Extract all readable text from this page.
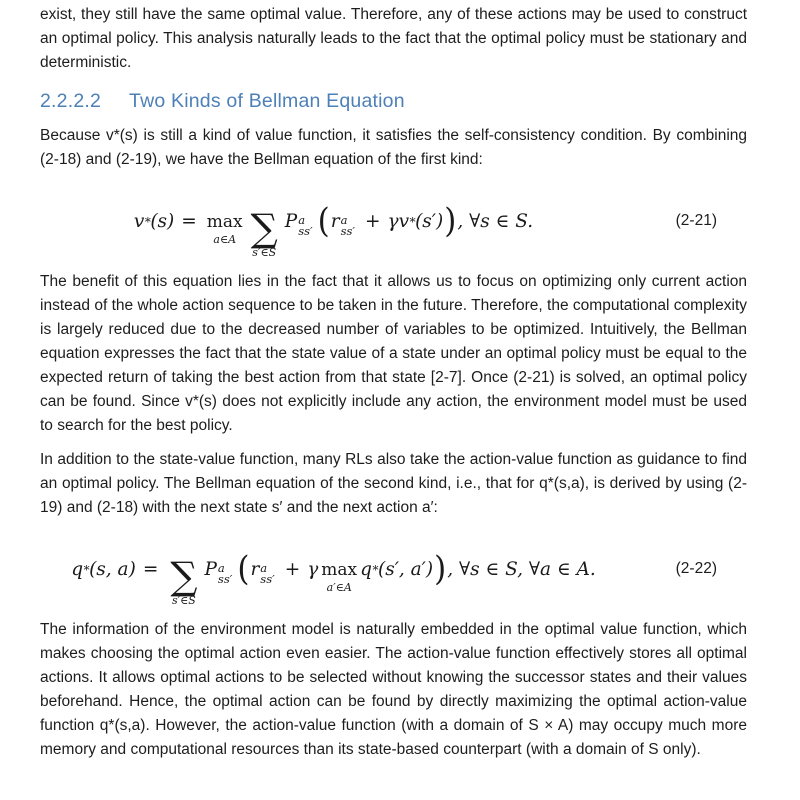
exist, they still have the same optimal value. Therefore, any of these actions may be used to construct an optimal policy. This analysis naturally leads to the fact that the optimal policy must be stationary and deterministic.

2.2.2.2 Two Kinds of Bellman Equation

Because v*(s) is still a kind of value function, it satisfies the self-consistency condition. By combining (2-18) and (2-19), we have the Bellman equation of the first kind:

v* (s) = max
a∈A ∑
s′∈S
P a
ss′ ( r a
ss′ + γv* (s′) ) , ∀s ∈ S.	(2-21)

The benefit of this equation lies in the fact that it allows us to focus on optimizing only current action instead of the whole action sequence to be taken in the future. Therefore, the computational complexity is largely reduced due to the decreased number of variables to be optimized. Intuitively, the Bellman equation expresses the fact that the state value of a state under an optimal policy must be equal to the expected return of taking the best action from that state [2-7]. Once (2-21) is solved, an optimal policy can be found. Since v*(s) does not explicitly include any action, the environment model must be used to search for the best policy.

In addition to the state-value function, many RLs also take the action-value function as guidance to find an optimal policy. The Bellman equation of the second kind, i.e., that for q*(s,a), is derived by using (2-19) and (2-18) with the next state s′ and the next action a′:

q* (s, a) = ∑
s′∈S
P a
ss′ ( r a
ss′ + γ max
a′∈A
q* (s′, a′) ) , ∀s ∈ S, ∀a ∈ A.	(2-22)

The information of the environment model is naturally embedded in the optimal value function, which makes choosing the optimal action even easier. The action-value function effectively stores all optimal actions. It allows optimal actions to be selected without knowing the successor states and their values beforehand. Hence, the optimal action can be found by directly maximizing the optimal action-value function q*(s,a). However, the action-value function (with a domain of S × A) may occupy much more memory and computational resources than its state-based counterpart (with a domain of S only).
